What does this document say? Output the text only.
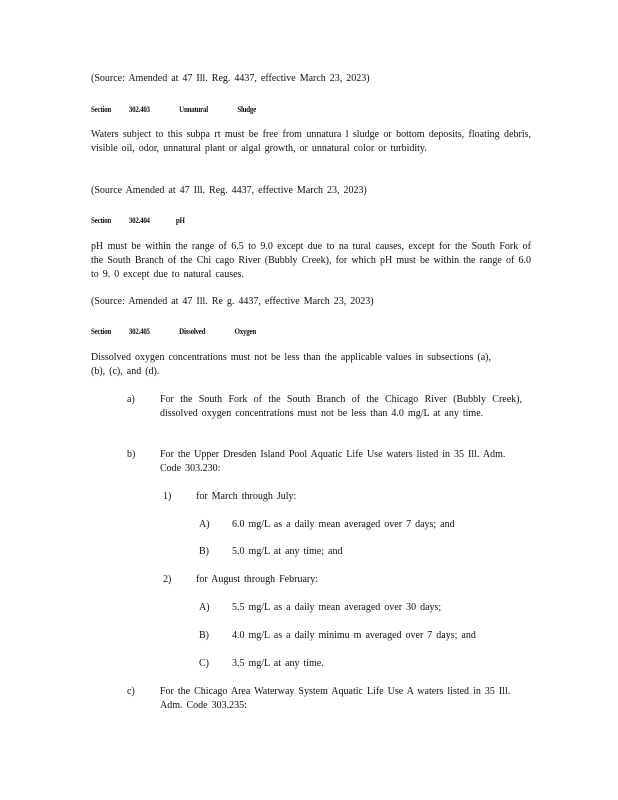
(Source: Amended at 47 Ill. Reg. 4437, effective March 23, 2023)
Section 302.403	Unnatural	Sludge
Waters subject to this subpa rt must be free from unnatura l sludge or bottom deposits, floating debris, visible oil, odor, unnatural plant or algal growth, or unnatural color or turbidity.
(Source Amended at 47 Ill. Reg. 4437, effective March 23, 2023)
Section 302.404	pH
pH must be within the range of 6.5 to 9.0 except due to na tural causes, except for the South Fork of the South Branch of the Chi cago River (Bubbly Creek), for which pH must be within the range of 6.0 to 9. 0 except due to natural causes.
(Source: Amended at 47 Ill. Re g. 4437, effective March 23, 2023)
Section 302.405	Dissolved	Oxygen
Dissolved oxygen concentrations must not be less than the applicable values in subsections (a), (b), (c), and (d).
a)	For the South Fork of the South Branch of the Chicago River (Bubbly Creek), dissolved oxygen concentrations must not be less than 4.0 mg/L at any time.
b) For the Upper Dresden Island Pool Aquatic Life Use waters listed in 35 Ill. Adm. Code 303.230:
1) for March through July:
A) 6.0 mg/L as a daily mean averaged over 7 days; and
B) 5.0 mg/L at any time; and
2) for August through February:
A) 5.5 mg/L as a daily mean averaged over 30 days;
B) 4.0 mg/L as a daily minimu m averaged over 7 days; and
C) 3.5 mg/L at any time.
c)	For the Chicago Area Waterway System Aquatic Life Use A waters listed in 35 Ill. Adm. Code 303.235:
